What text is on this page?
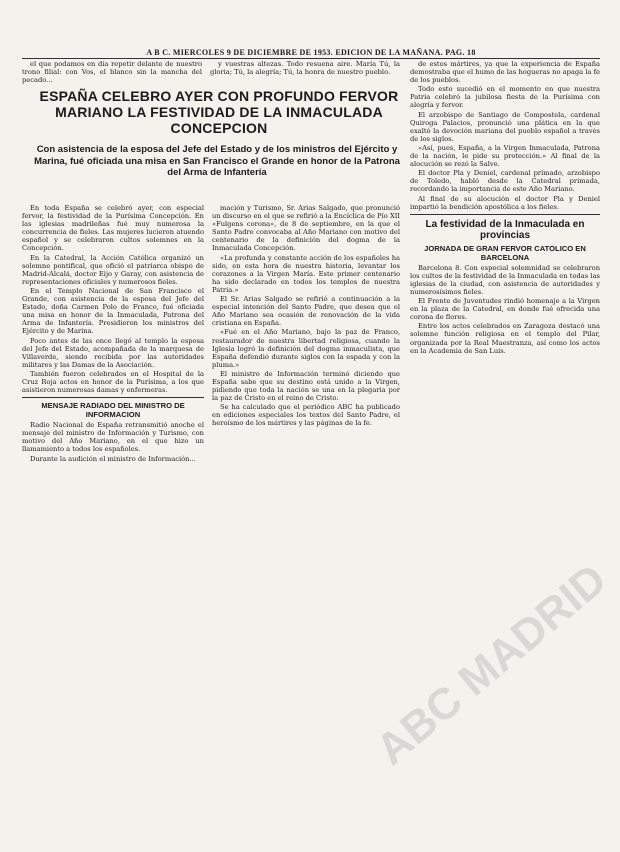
A B C. MIERCOLES 9 DE DICIEMBRE DE 1953. EDICION DE LA MAÑANA. PAG. 18

el que podamos en día repetir delante de nuestro trono filial: con Vos, el blanco sin la mancha del pecado...

y vuestras altezas. Todo resuena aire. María Tú, la gloria; Tú, la alegría; Tú, la honra de nuestro pueblo.

ESPAÑA CELEBRO AYER CON PROFUNDO FERVOR MARIANO LA FESTIVIDAD DE LA INMACULADA CONCEPCION
Con asistencia de la esposa del Jefe del Estado y de los ministros del Ejército y Marina, fué oficiada una misa en San Francisco el Grande en honor de la Patrona del Arma de Infantería

En toda España se celebró ayer, con especial fervor, la festividad de la Purísima Concepción. En las iglesias madrileñas fué muy numerosa la concurrencia de fieles. Las mujeres lucieron atuendo español y se celebraron cultos solemnes en la Concepción.

En la Catedral, la Acción Católica organizó un solemne pontifical, que ofició el patriarca obispo de Madrid-Alcalá, doctor Eijo y Garay, con asistencia de representaciones oficiales y numerosos fieles.

En el Templo Nacional de San Francisco el Grande, con asistencia de la esposa del Jefe del Estado, doña Carmen Polo de Franco, fué oficiada una misa en honor de la Inmaculada, Patrona del Arma de Infantería. Presidieron los ministros del Ejército y de Marina.

Poco antes de las once llegó al templo la esposa del Jefe del Estado, acompañada de la marquesa de Villaverde, siendo recibida por las autoridades militares y las Damas de la Asociación.

También fueron celebrados en el Hospital de la Cruz Roja actos en honor de la Purísima, a los que asistieron numerosas damas y enfermeras.

MENSAJE RADIADO DEL MINISTRO DE INFORMACION

Radio Nacional de España retransmitió anoche el mensaje del ministro de Información y Turismo, con motivo del Año Mariano, en el que hizo un llamamiento a todos los españoles.

Durante la audición el ministro de Información...

mación y Turismo, Sr. Arias Salgado, que pronunció un discurso en el que se refirió a la Encíclica de Pío XII «Fulgens corona», de 8 de septiembre, en la que el Santo Padre convocaba al Año Mariano con motivo del centenario de la definición del dogma de la Inmaculada Concepción.

«La profunda y constante acción de los españoles ha sido, en esta hora de nuestra historia, levantar los corazones a la Virgen María. Este primer centenario ha sido declarado en todos los templos de nuestra Patria.»

El Sr. Arias Salgado se refirió a continuación a la especial intención del Santo Padre, que desea que el Año Mariano sea ocasión de renovación de la vida cristiana en España.

«Fué en el Año Mariano, bajo la paz de Franco, restaurador de nuestra libertad religiosa, cuando la Iglesia logró la definición del dogma inmaculista, que España defendió durante siglos con la espada y con la pluma.»

El ministro de Información terminó diciendo que España sabe que su destino está unido a la Virgen, pidiendo que toda la nación se una en la plegaria por la paz de Cristo en el reino de Cristo.

Se ha calculado que el periódico ABC ha publicado en ediciones especiales los textos del Santo Padre, el heroísmo de los mártires y las páginas de la fe.

de estos mártires, ya que la experiencia de España demostraba que el humo de las hogueras no apaga la fe de los pueblos.

Todo esto sucedió en el momento en que nuestra Patria celebró la jubilosa fiesta de la Purísima con alegría y fervor.

El arzobispo de Santiago de Compostela, cardenal Quiroga Palacios, pronunció una plática en la que exaltó la devoción mariana del pueblo español a través de los siglos.

«Así, pues, España, a la Virgen Inmaculada, Patrona de la nación, le pide su protección.» Al final de la alocución se rezó la Salve.

El doctor Pla y Deniel, cardenal primado, arzobispo de Toledo, habló desde la Catedral primada, recordando la importancia de este Año Mariano.

Al final de su alocución el doctor Pla y Deniel impartió la bendición apostólica a los fieles.

La festividad de la Inmaculada en provincias
JORNADA DE GRAN FERVOR CATOLICO EN BARCELONA

Barcelona 8. Con especial solemnidad se celebraron los cultos de la festividad de la Inmaculada en todas las iglesias de la ciudad, con asistencia de autoridades y numerosísimos fieles.

El Frente de Juventudes rindió homenaje a la Virgen en la plaza de la Catedral, en donde fué ofrecida una corona de flores.

Entre los actos celebrados en Zaragoza destacó una solemne función religiosa en el templo del Pilar, organizada por la Real Maestranza, así como los actos en la Academia de San Luis.

ABC MADRID
